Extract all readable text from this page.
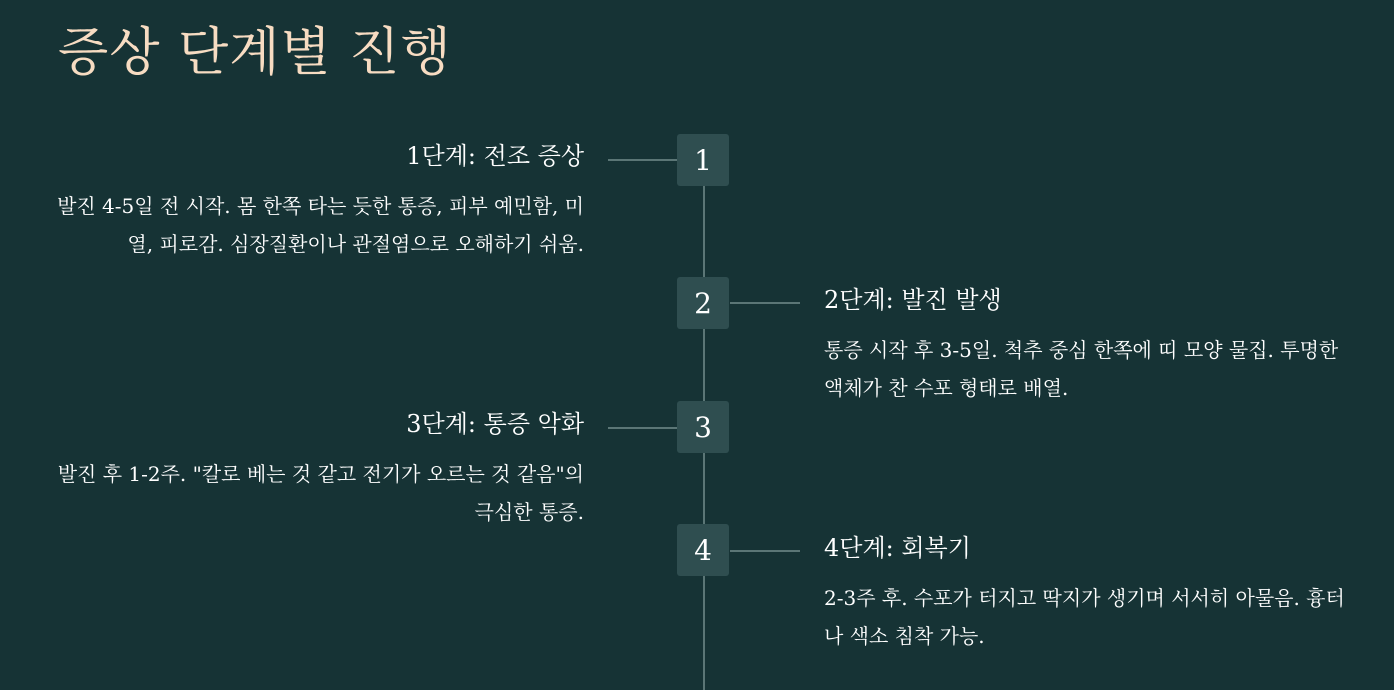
증상 단계별 진행
1
1단계: 전조 증상

발진 4-5일 전 시작. 몸 한쪽 타는 듯한 통증, 피부 예민함, 미열, 피로감. 심장질환이나 관절염으로 오해하기 쉬움.

2	2단계: 발진 발생

통증 시작 후 3-5일. 척추 중심 한쪽에 띠 모양 물집. 투명한 액체가 찬 수포 형태로 배열.

3
3단계: 통증 악화

발진 후 1-2주. "칼로 베는 것 같고 전기가 오르는 것 같음"의 극심한 통증.

4	4단계: 회복기

2-3주 후. 수포가 터지고 딱지가 생기며 서서히 아물음. 흉터나 색소 침착 가능.
